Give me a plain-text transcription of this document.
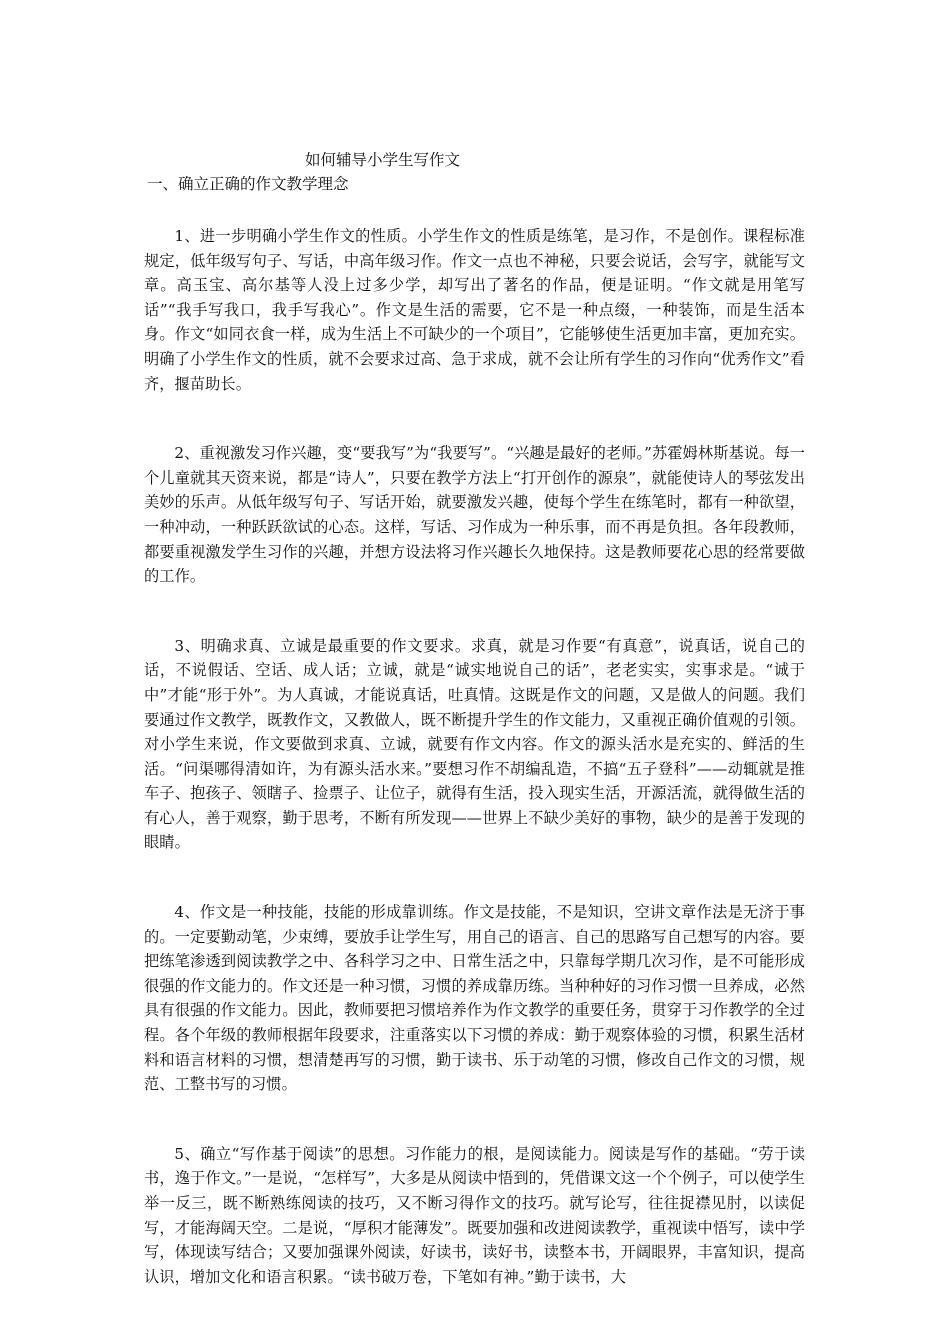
如何辅导小学生写作文
一、确立正确的作文教学理念

1、进一步明确小学生作文的性质。小学生作文的性质是练笔，是习作，不是创作。课程标准规定，低年级写句子、写话，中高年级习作。作文一点也不神秘，只要会说话，会写字，就能写文章。高玉宝、高尔基等人没上过多少学，却写出了著名的作品，便是证明。“作文就是用笔写话”“我手写我口，我手写我心”。作文是生活的需要，它不是一种点缀，一种装饰，而是生活本身。作文“如同衣食一样，成为生活上不可缺少的一个项目”，它能够使生活更加丰富，更加充实。明确了小学生作文的性质，就不会要求过高、急于求成，就不会让所有学生的习作向“优秀作文”看齐，揠苗助长。

2、重视激发习作兴趣，变“要我写”为“我要写”。“兴趣是最好的老师。”苏霍姆林斯基说。每一个儿童就其天资来说，都是“诗人”，只要在教学方法上“打开创作的源泉”，就能使诗人的琴弦发出美妙的乐声。从低年级写句子、写话开始，就要激发兴趣，使每个学生在练笔时，都有一种欲望，一种冲动，一种跃跃欲试的心态。这样，写话、习作成为一种乐事，而不再是负担。各年段教师，都要重视激发学生习作的兴趣，并想方设法将习作兴趣长久地保持。这是教师要花心思的经常要做的工作。

3、明确求真、立诚是最重要的作文要求。求真，就是习作要“有真意”，说真话，说自己的话，不说假话、空话、成人话；立诚，就是“诚实地说自己的话”，老老实实，实事求是。“诚于中”才能“形于外”。为人真诚，才能说真话，吐真情。这既是作文的问题，又是做人的问题。我们要通过作文教学，既教作文，又教做人，既不断提升学生的作文能力，又重视正确价值观的引领。对小学生来说，作文要做到求真、立诚，就要有作文内容。作文的源头活水是充实的、鲜活的生活。“问渠哪得清如许，为有源头活水来。”要想习作不胡编乱造，不搞“五子登科”——动辄就是推车子、抱孩子、领瞎子、捡票子、让位子，就得有生活，投入现实生活，开源活流，就得做生活的有心人，善于观察，勤于思考，不断有所发现——世界上不缺少美好的事物，缺少的是善于发现的眼睛。

4、作文是一种技能，技能的形成靠训练。作文是技能，不是知识，空讲文章作法是无济于事的。一定要勤动笔，少束缚，要放手让学生写，用自己的语言、自己的思路写自己想写的内容。要把练笔渗透到阅读教学之中、各科学习之中、日常生活之中，只靠每学期几次习作，是不可能形成很强的作文能力的。作文还是一种习惯，习惯的养成靠历练。当种种好的习作习惯一旦养成，必然具有很强的作文能力。因此，教师要把习惯培养作为作文教学的重要任务，贯穿于习作教学的全过程。各个年级的教师根据年段要求，注重落实以下习惯的养成：勤于观察体验的习惯，积累生活材料和语言材料的习惯，想清楚再写的习惯，勤于读书、乐于动笔的习惯，修改自己作文的习惯，规范、工整书写的习惯。

5、确立“写作基于阅读”的思想。习作能力的根，是阅读能力。阅读是写作的基础。“劳于读书，逸于作文。”一是说，“怎样写”，大多是从阅读中悟到的，凭借课文这一个个例子，可以使学生举一反三，既不断熟练阅读的技巧，又不断习得作文的技巧。就写论写，往往捉襟见肘，以读促写，才能海阔天空。二是说，“厚积才能薄发”。既要加强和改进阅读教学，重视读中悟写，读中学写，体现读写结合；又要加强课外阅读，好读书，读好书，读整本书，开阔眼界，丰富知识，提高认识，增加文化和语言积累。“读书破万卷，下笔如有神。”勤于读书，大
